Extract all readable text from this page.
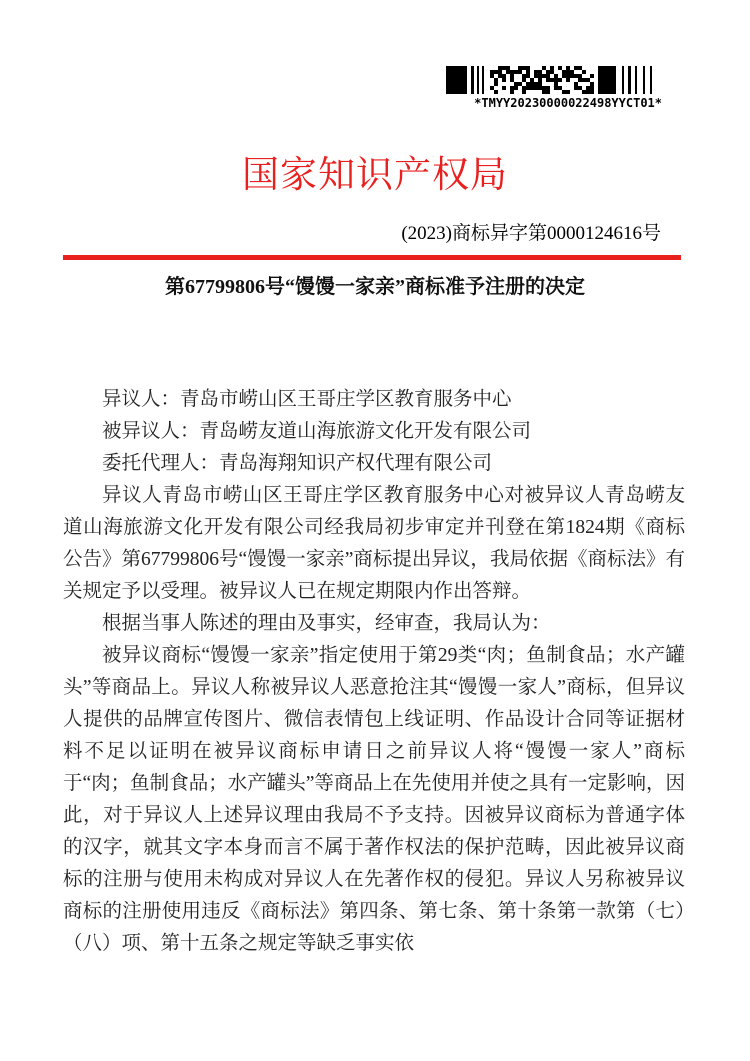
*TMYY20230000022498YYCT01*
国家知识产权局
(2023)商标异字第0000124616号
第67799806号“馒馒一家亲”商标准予注册的决定

异议人：青岛市崂山区王哥庄学区教育服务中心

被异议人：青岛崂友道山海旅游文化开发有限公司

委托代理人：青岛海翔知识产权代理有限公司

异议人青岛市崂山区王哥庄学区教育服务中心对被异议人青岛崂友道山海旅游文化开发有限公司经我局初步审定并刊登在第1824期《商标公告》第67799806号“馒馒一家亲”商标提出异议，我局依据《商标法》有关规定予以受理。被异议人已在规定期限内作出答辩。

根据当事人陈述的理由及事实，经审查，我局认为：

被异议商标“馒馒一家亲”指定使用于第29类“肉；鱼制食品；水产罐头”等商品上。异议人称被异议人恶意抢注其“馒馒一家人”商标，但异议人提供的品牌宣传图片、微信表情包上线证明、作品设计合同等证据材料不足以证明在被异议商标申请日之前异议人将“馒馒一家人”商标于“肉；鱼制食品；水产罐头”等商品上在先使用并使之具有一定影响，因此，对于异议人上述异议理由我局不予支持。因被异议商标为普通字体的汉字，就其文字本身而言不属于著作权法的保护范畴，因此被异议商标的注册与使用未构成对异议人在先著作权的侵犯。异议人另称被异议商标的注册使用违反《商标法》第四条、第七条、第十条第一款第（七）（八）项、第十五条之规定等缺乏事实依
